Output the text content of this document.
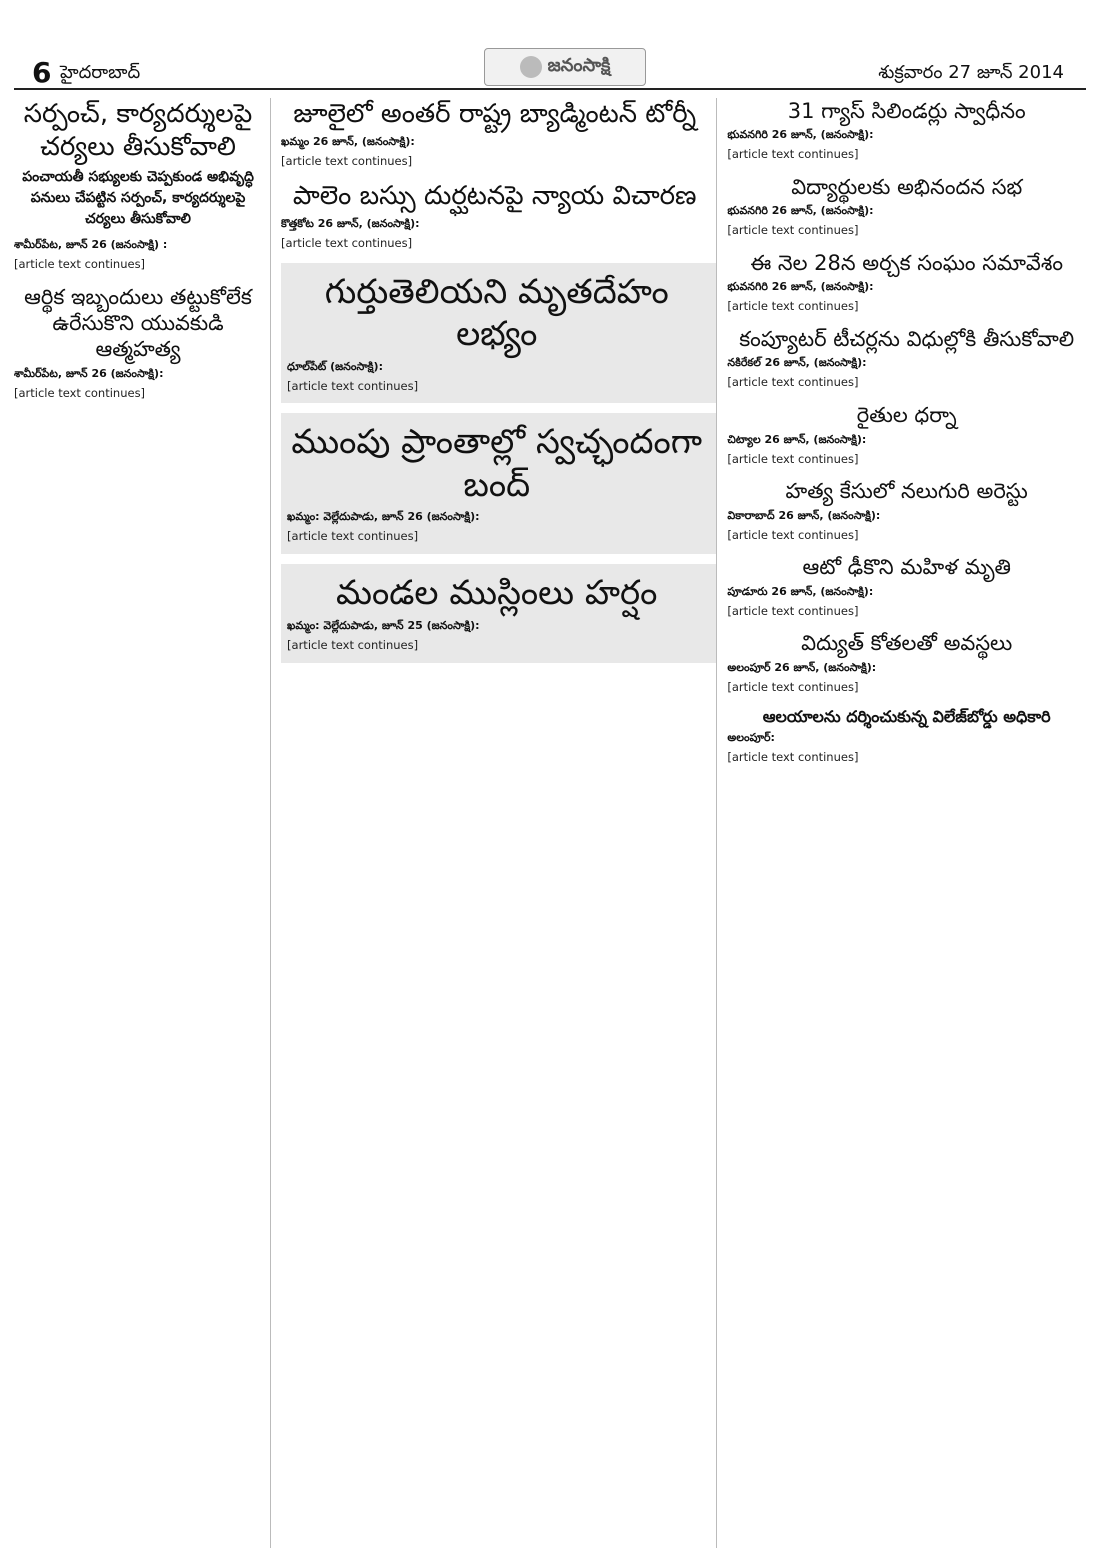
6 హైదరాబాద్	జనంసాక్షి	శుక్రవారం 27 జూన్ 2014
సర్పంచ్, కార్యదర్శులపై చర్యలు తీసుకోవాలి
పంచాయతీ సభ్యులకు చెప్పకుండ అభివృద్ధి పనులు చేపట్టిన సర్పంచ్, కార్యదర్శులపై చర్యలు తీసుకోవాలి
శామీర్‌పేట, జూన్ 26 (జనంసాక్షి) :
[article text continues]
ఆర్థిక ఇబ్బందులు తట్టుకోలేక ఉరేసుకొని యువకుడి ఆత్మహత్య
శామీర్‌పేట, జూన్ 26 (జనంసాక్షి):
[article text continues]
జూలైలో అంతర్ రాష్ట్ర బ్యాడ్మింటన్ టోర్నీ
ఖమ్మం 26 జూన్, (జనంసాక్షి):
[article text continues]
పాలెం బస్సు దుర్ఘటనపై న్యాయ విచారణ
కొత్తకోట 26 జూన్, (జనంసాక్షి):
[article text continues]
గుర్తుతెలియని మృతదేహం లభ్యం
ధూల్‌పేట్ (జనంసాక్షి):
[article text continues]
ముంపు ప్రాంతాల్లో స్వచ్ఛందంగా బంద్
ఖమ్మం: వెల్లేదుపాడు, జూన్ 26 (జనంసాక్షి):
[article text continues]
మండల ముస్లింలు హర్షం
ఖమ్మం: వెల్లేదుపాడు, జూన్ 25 (జనంసాక్షి):
[article text continues]
31 గ్యాస్ సిలిండర్లు స్వాధీనం
భువనగిరి 26 జూన్, (జనంసాక్షి):
[article text continues]
విద్యార్థులకు అభినందన సభ
భువనగిరి 26 జూన్, (జనంసాక్షి):
[article text continues]
ఈ నెల 28న అర్చక సంఘం సమావేశం
భువనగిరి 26 జూన్, (జనంసాక్షి):
[article text continues]
కంప్యూటర్ టీచర్లను విధుల్లోకి తీసుకోవాలి
నకిరేకల్ 26 జూన్, (జనంసాక్షి):
[article text continues]
రైతుల ధర్నా
చిట్యాల 26 జూన్, (జనంసాక్షి):
[article text continues]
హత్య కేసులో నలుగురి అరెస్టు
వికారాబాద్ 26 జూన్, (జనంసాక్షి):
[article text continues]
ఆటో ఢీకొని మహిళ మృతి
పూడూరు 26 జూన్, (జనంసాక్షి):
[article text continues]
విద్యుత్ కోతలతో అవస్థలు
అలంపూర్ 26 జూన్, (జనంసాక్షి):
[article text continues]
ఆలయాలను దర్శించుకున్న విలేజ్‌బోర్డు అధికారి
అలంపూర్:
[article text continues]
